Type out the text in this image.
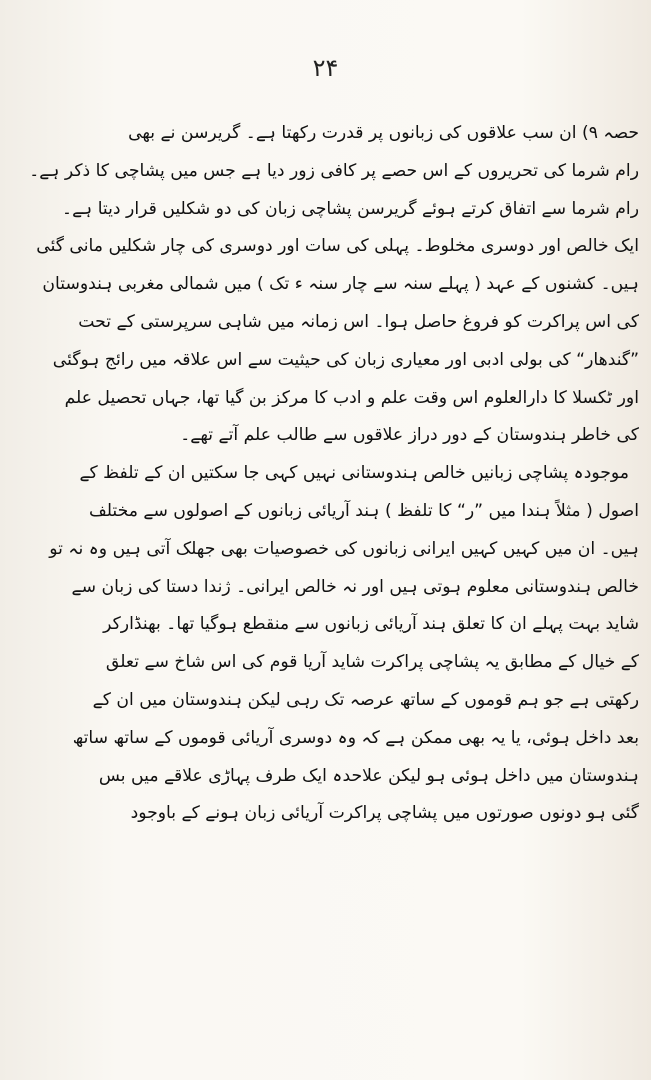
۲۴
حصہ ۹) ان سب علاقوں کی زبانوں پر قدرت رکھتا ہے۔ گریرسن نے بھی
رام شرما کی تحریروں کے اس حصے پر کافی زور دیا ہے جس میں پشاچی کا ذکر ہے۔
رام شرما سے اتفاق کرتے ہوئے گریرسن پشاچی زبان کی دو شکلیں قرار دیتا ہے۔
ایک خالص اور دوسری مخلوط۔ پہلی کی سات اور دوسری کی چار شکلیں مانی گئی
ہیں۔ کشنوں کے عہد ( پہلے سنہ سے چار سنہ ء تک ) میں شمالی مغربی ہندوستان
کی اس پراکرت کو فروغ حاصل ہوا۔ اس زمانہ میں شاہی سرپرستی کے تحت
”گندھار“ کی بولی ادبی اور معیاری زبان کی حیثیت سے اس علاقہ میں رائج ہوگئی
اور ٹکسلا کا دارالعلوم اس وقت علم و ادب کا مرکز بن گیا تھا، جہاں تحصیل علم
کی خاطر ہندوستان کے دور دراز علاقوں سے طالب علم آتے تھے۔
موجودہ پشاچی زبانیں خالص ہندوستانی نہیں کہی جا سکتیں ان کے تلفظ کے
اصول ( مثلاً ہندا میں ”ر“ کا تلفظ ) ہند آریائی زبانوں کے اصولوں سے مختلف
ہیں۔ ان میں کہیں کہیں ایرانی زبانوں کی خصوصیات بھی جھلک آتی ہیں وہ نہ تو
خالص ہندوستانی معلوم ہوتی ہیں اور نہ خالص ایرانی۔ ژندا دستا کی زبان سے
شاید بہت پہلے ان کا تعلق ہند آریائی زبانوں سے منقطع ہوگیا تھا۔ بھنڈارکر
کے خیال کے مطابق یہ پشاچی پراکرت شاید آریا قوم کی اس شاخ سے تعلق
رکھتی ہے جو ہم قوموں کے ساتھ عرصہ تک رہی لیکن ہندوستان میں ان کے
بعد داخل ہوئی، یا یہ بھی ممکن ہے کہ وہ دوسری آریائی قوموں کے ساتھ ساتھ
ہندوستان میں داخل ہوئی ہو لیکن علاحدہ ایک طرف پہاڑی علاقے میں بس
گئی ہو دونوں صورتوں میں پشاچی پراکرت آریائی زبان ہونے کے باوجود
